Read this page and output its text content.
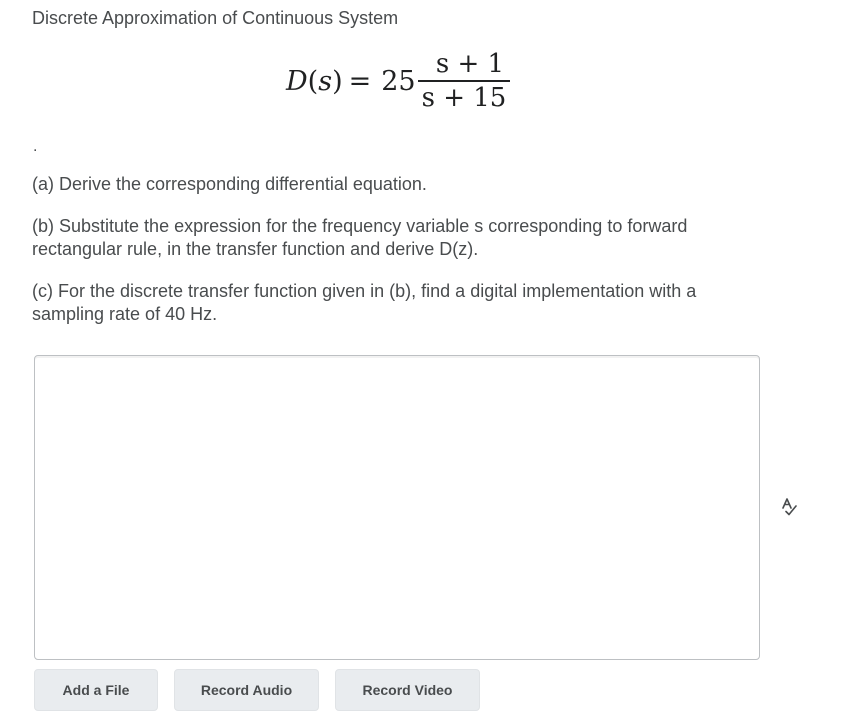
Discrete Approximation of Continuous System
$D(s) = 25 \frac{s + 1}{s + 15}$
.
(a) Derive the corresponding differential equation.
(b) Substitute the expression for the frequency variable s corresponding to forward rectangular rule, in the transfer function and derive D(z).
(c) For the discrete transfer function given in (b), find a digital implementation with a sampling rate of 40 Hz.
Add a File	Record Audio	Record Video
